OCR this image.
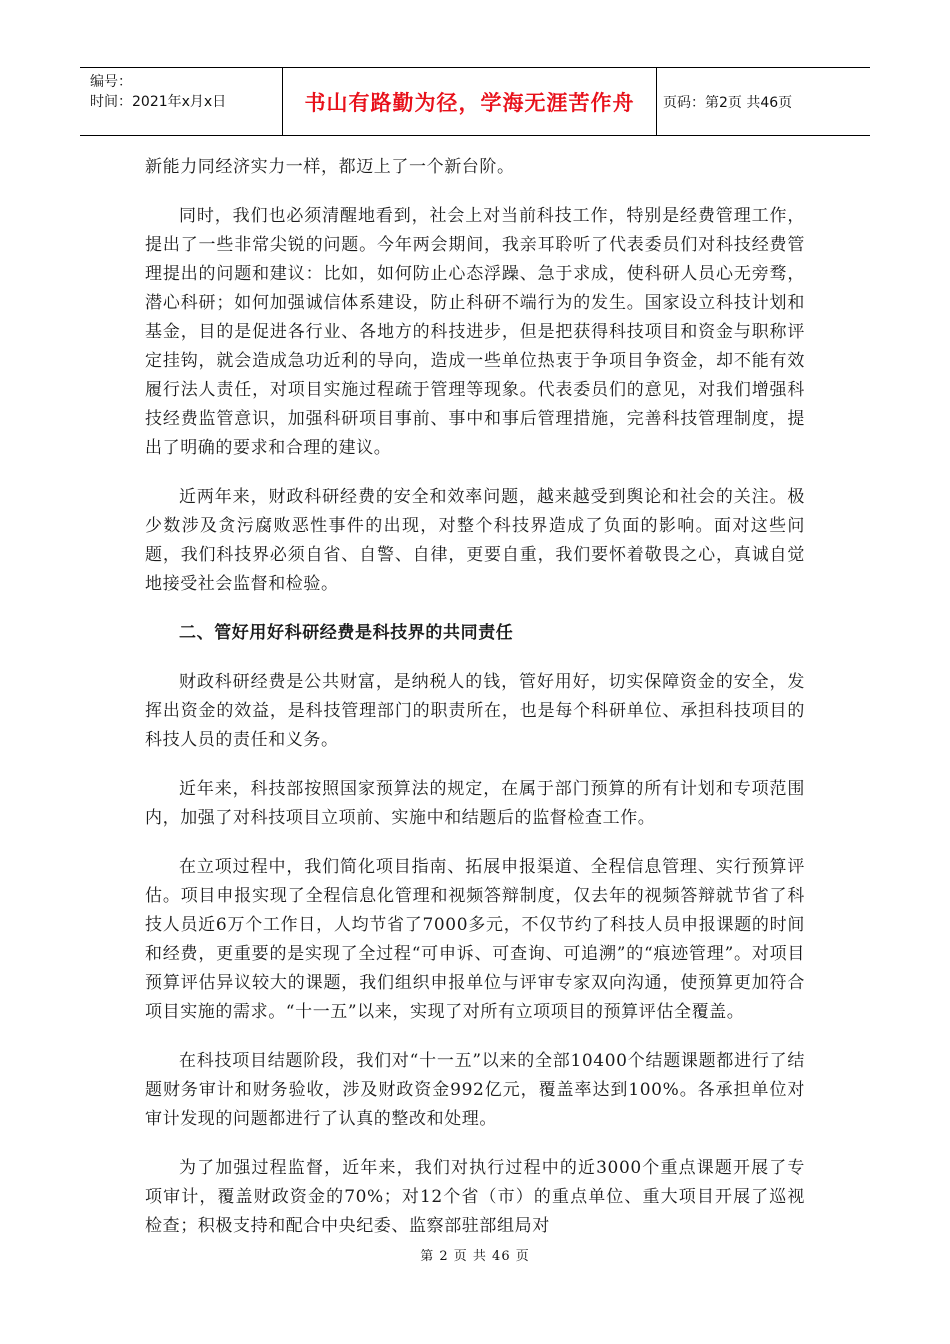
编号：
时间：2021年x月x日	书山有路勤为径，学海无涯苦作舟	页码：第2页 共46页

新能力同经济实力一样，都迈上了一个新台阶。

同时，我们也必须清醒地看到，社会上对当前科技工作，特别是经费管理工作，提出了一些非常尖锐的问题。今年两会期间，我亲耳聆听了代表委员们对科技经费管理提出的问题和建议：比如，如何防止心态浮躁、急于求成，使科研人员心无旁骛，潜心科研；如何加强诚信体系建设，防止科研不端行为的发生。国家设立科技计划和基金，目的是促进各行业、各地方的科技进步，但是把获得科技项目和资金与职称评定挂钩，就会造成急功近利的导向，造成一些单位热衷于争项目争资金，却不能有效履行法人责任，对项目实施过程疏于管理等现象。代表委员们的意见，对我们增强科技经费监管意识，加强科研项目事前、事中和事后管理措施，完善科技管理制度，提出了明确的要求和合理的建议。

近两年来，财政科研经费的安全和效率问题，越来越受到舆论和社会的关注。极少数涉及贪污腐败恶性事件的出现，对整个科技界造成了负面的影响。面对这些问题，我们科技界必须自省、自警、自律，更要自重，我们要怀着敬畏之心，真诚自觉地接受社会监督和检验。

二、管好用好科研经费是科技界的共同责任

财政科研经费是公共财富，是纳税人的钱，管好用好，切实保障资金的安全，发挥出资金的效益，是科技管理部门的职责所在，也是每个科研单位、承担科技项目的科技人员的责任和义务。

近年来，科技部按照国家预算法的规定，在属于部门预算的所有计划和专项范围内，加强了对科技项目立项前、实施中和结题后的监督检查工作。

在立项过程中，我们简化项目指南、拓展申报渠道、全程信息管理、实行预算评估。项目申报实现了全程信息化管理和视频答辩制度，仅去年的视频答辩就节省了科技人员近6万个工作日，人均节省了7000多元，不仅节约了科技人员申报课题的时间和经费，更重要的是实现了全过程“可申诉、可查询、可追溯”的“痕迹管理”。对项目预算评估异议较大的课题，我们组织申报单位与评审专家双向沟通，使预算更加符合项目实施的需求。“十一五”以来，实现了对所有立项项目的预算评估全覆盖。

在科技项目结题阶段，我们对“十一五”以来的全部10400个结题课题都进行了结题财务审计和财务验收，涉及财政资金992亿元，覆盖率达到100%。各承担单位对审计发现的问题都进行了认真的整改和处理。

为了加强过程监督，近年来，我们对执行过程中的近3000个重点课题开展了专项审计，覆盖财政资金的70%；对12个省（市）的重点单位、重大项目开展了巡视检查；积极支持和配合中央纪委、监察部驻部组局对

第 2 页 共 46 页
